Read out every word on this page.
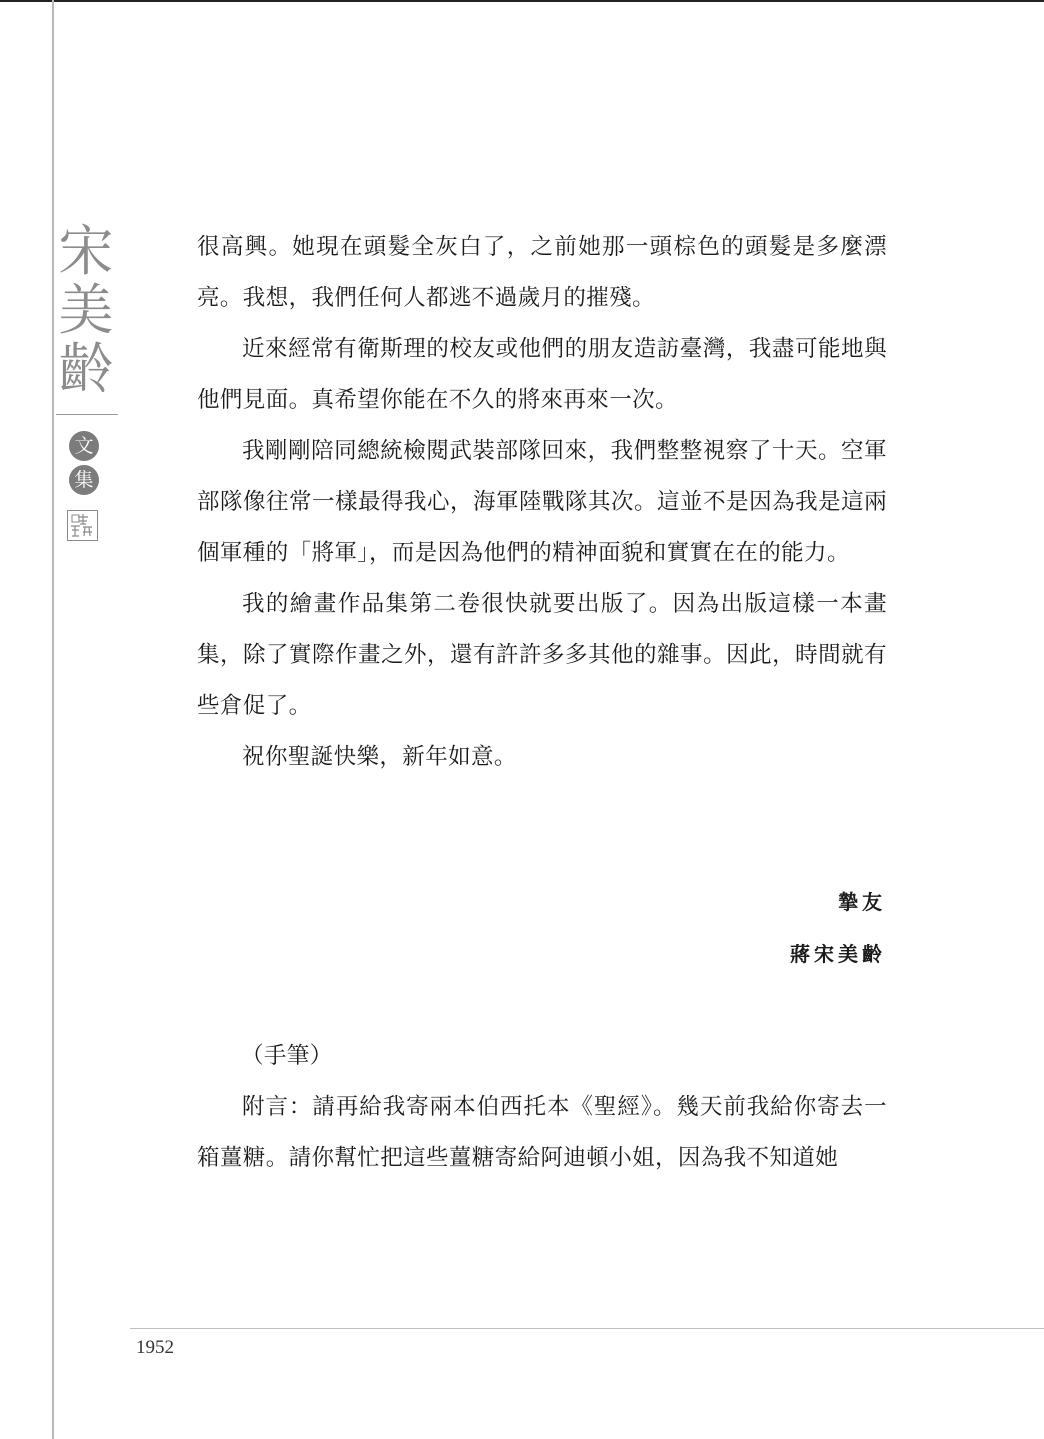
宋
美
齡
文
集

很高興。她現在頭髮全灰白了，之前她那一頭棕色的頭髮是多麼漂亮。我想，我們任何人都逃不過歲月的摧殘。

近來經常有衛斯理的校友或他們的朋友造訪臺灣，我盡可能地與他們見面。真希望你能在不久的將來再來一次。

我剛剛陪同總統檢閱武裝部隊回來，我們整整視察了十天。空軍部隊像往常一樣最得我心，海軍陸戰隊其次。這並不是因為我是這兩個軍種的「將軍」，而是因為他們的精神面貌和實實在在的能力。

我的繪畫作品集第二卷很快就要出版了。因為出版這樣一本畫集，除了實際作畫之外，還有許許多多其他的雜事。因此，時間就有些倉促了。

祝你聖誕快樂，新年如意。

摯友
蔣宋美齡

（手筆）

附言：請再給我寄兩本伯西托本《聖經》。幾天前我給你寄去一箱薑糖。請你幫忙把這些薑糖寄給阿迪頓小姐，因為我不知道她

1952
